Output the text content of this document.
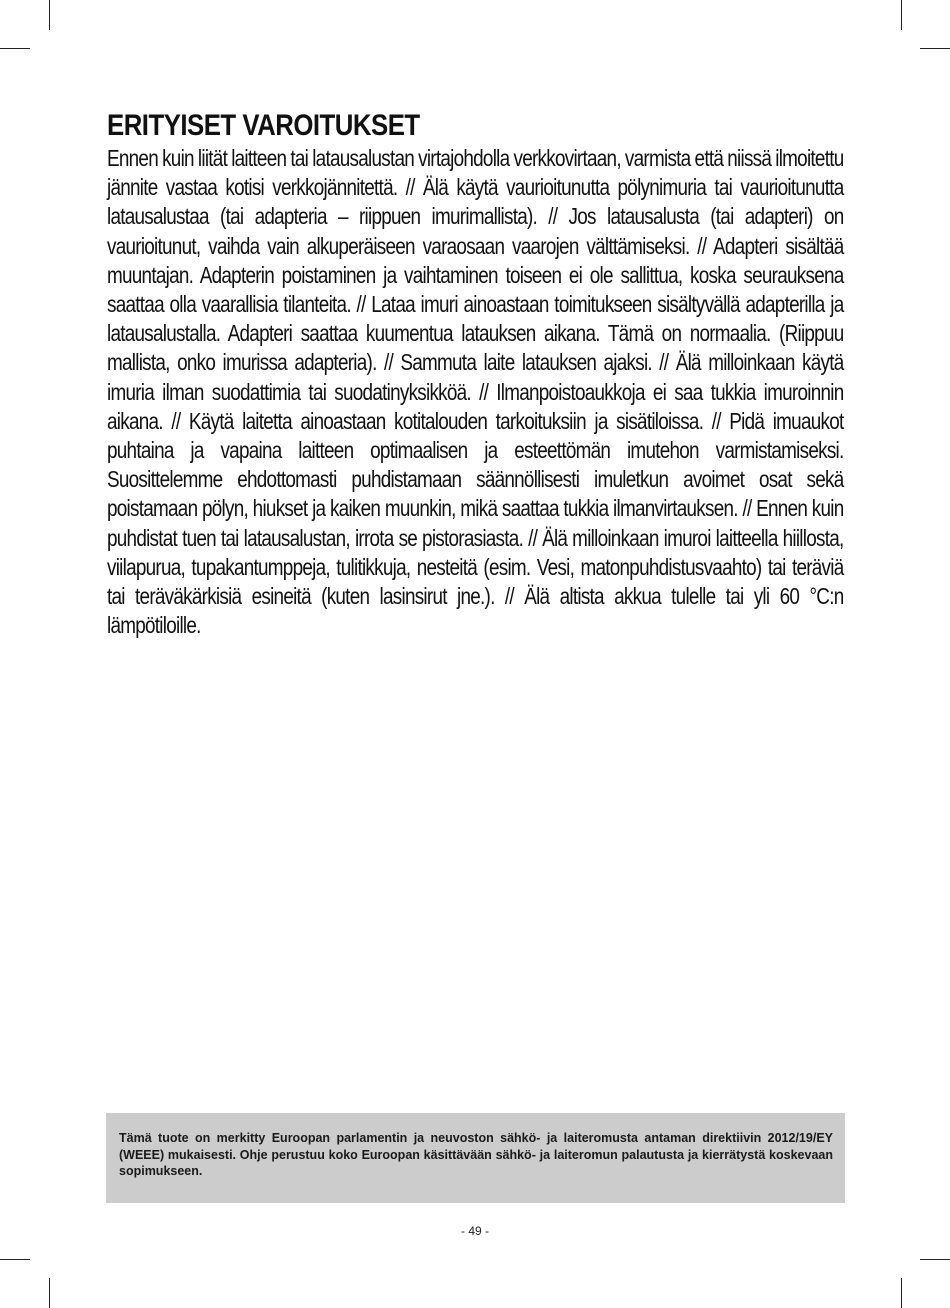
ERITYISET VAROITUKSET

Ennen kuin liität laitteen tai latausalustan virtajohdolla verkkovirtaan, varmista että niissä ilmoitettu jännite vastaa kotisi verkkojännitettä. // Älä käytä vaurioitunutta pölynimuria tai vaurioitunutta latausalustaa (tai adapteria – riippuen imurimallista). // Jos latausalusta (tai adapteri) on vaurioitunut, vaihda vain alkuperäiseen varaosaan vaarojen välttämiseksi. // Adapteri sisältää muuntajan. Adapterin poistaminen ja vaihtaminen toiseen ei ole sallittua, koska seurauksena saattaa olla vaarallisia tilanteita. // Lataa imuri ainoastaan toimitukseen sisältyvällä adapterilla ja latausalustalla. Adapteri saattaa kuumentua latauksen aikana. Tämä on normaalia. (Riippuu mallista, onko imurissa adapteria). // Sammuta laite latauksen ajaksi. // Älä milloinkaan käytä imuria ilman suodattimia tai suodatinyksikköä. // Ilmanpoistoaukkoja ei saa tukkia imuroinnin aikana. // Käytä laitetta ainoastaan kotitalouden tarkoituksiin ja sisätiloissa. // Pidä imuaukot puhtaina ja vapaina laitteen optimaalisen ja esteettömän imutehon varmistamiseksi. Suosittelemme ehdottomasti puhdistamaan säännöllisesti imuletkun avoimet osat sekä poistamaan pölyn, hiukset ja kaiken muunkin, mikä saattaa tukkia ilmanvirtauksen. // Ennen kuin puhdistat tuen tai latausalustan, irrota se pistorasiasta. // Älä milloinkaan imuroi laitteella hiillosta, viilapurua, tupakantumppeja, tulitikkuja, nesteitä (esim. Vesi, matonpuhdistusvaahto) tai teräviä tai teräväkärkisiä esineitä (kuten lasinsirut jne.). // Älä altista akkua tulelle tai yli 60 °C:n lämpötiloille.

Tämä tuote on merkitty Euroopan parlamentin ja neuvoston sähkö- ja laiteromusta antaman direktiivin 2012/19/EY (WEEE) mukaisesti. Ohje perustuu koko Euroopan käsittävään sähkö- ja laiteromun palautusta ja kierrätystä koskevaan sopimukseen.

- 49 -
